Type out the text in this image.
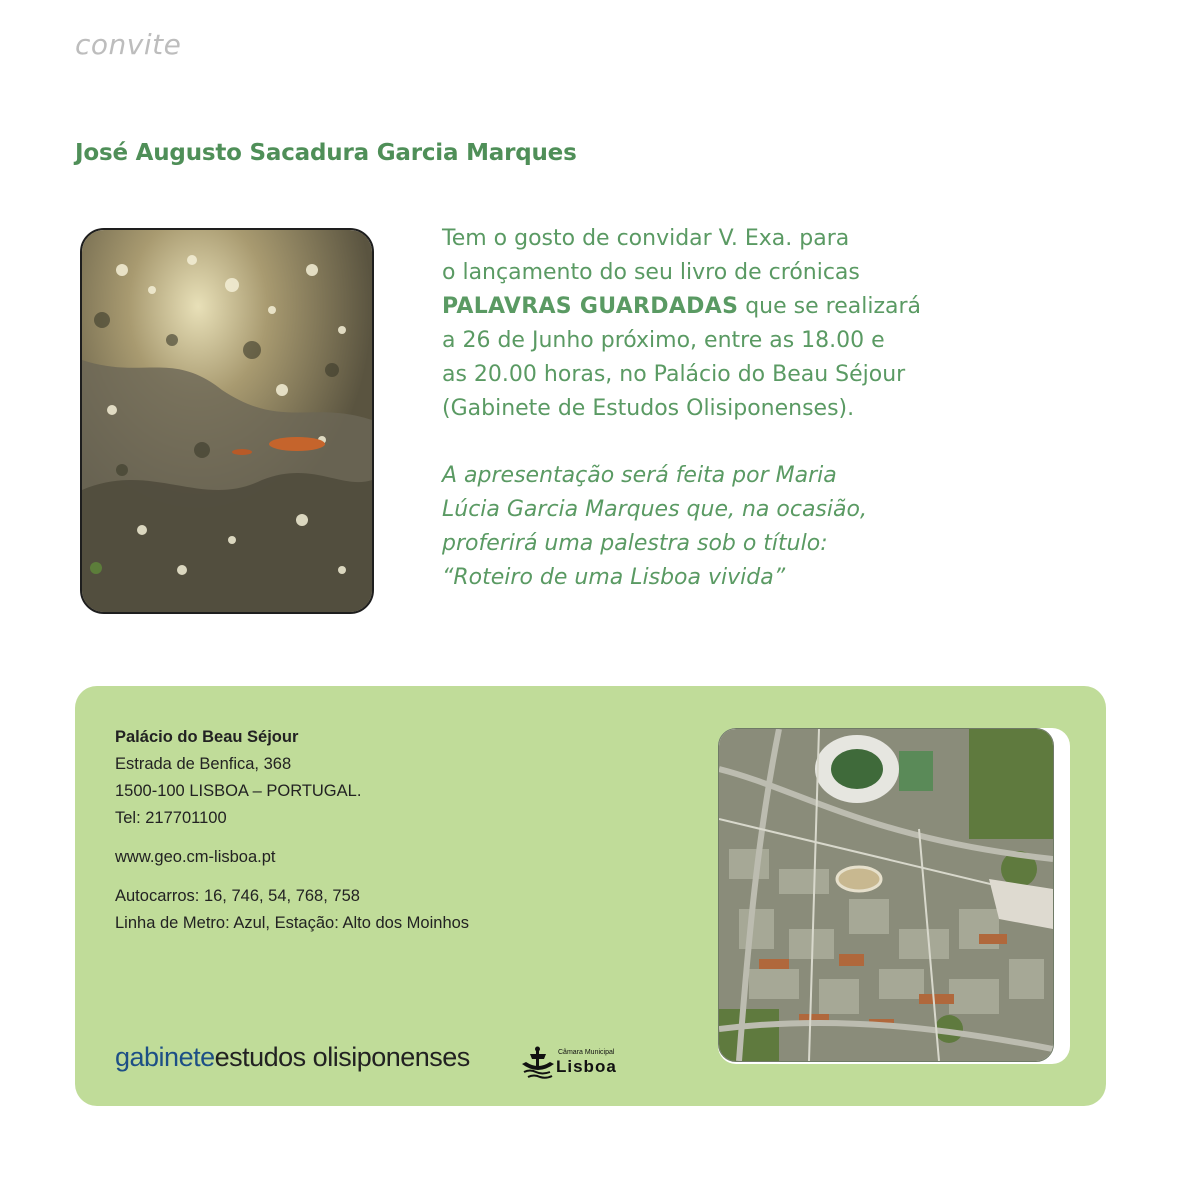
convite
José Augusto Sacadura Garcia Marques
Tem o gosto de convidar V. Exa. para
o lançamento do seu livro de crónicas
PALAVRAS GUARDADAS que se realizará
a 26 de Junho próximo, entre as 18.00 e
as 20.00 horas, no Palácio do Beau Séjour
(Gabinete de Estudos Olisiponenses).
A apresentação será feita por Maria
Lúcia Garcia Marques que, na ocasião,
proferirá uma palestra sob o título:
“Roteiro de uma Lisboa vivida”
Palácio do Beau Séjour
Estrada de Benfica, 368
1500-100 LISBOA – PORTUGAL.
Tel: 217701100
www.geo.cm-lisboa.pt
Autocarros: 16, 746, 54, 768, 758
Linha de Metro: Azul, Estação: Alto dos Moinhos
gabineteestudos olisiponenses	Câmara Municipal
Lisboa
